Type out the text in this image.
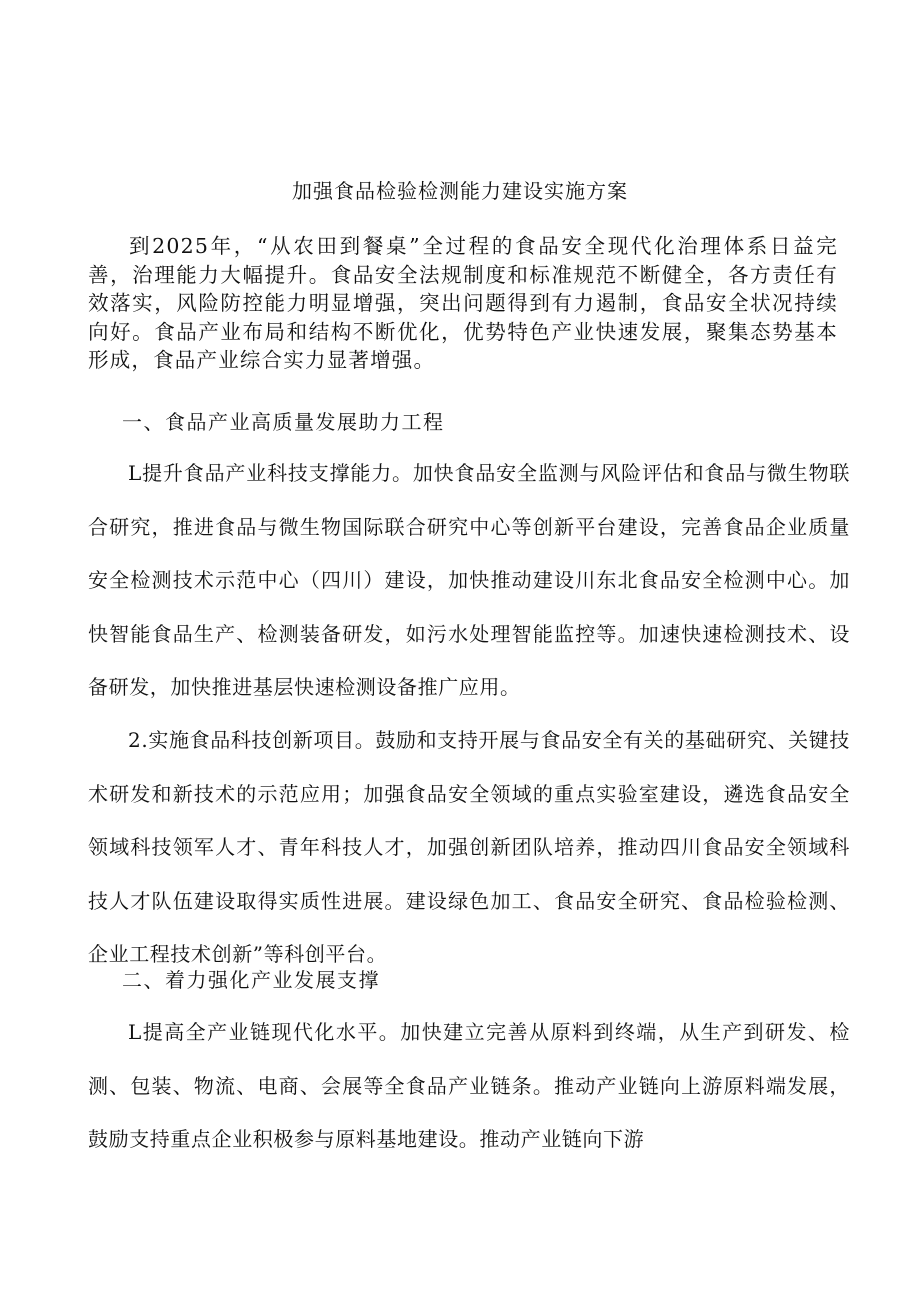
加强食品检验检测能力建设实施方案

到2025年，“从农田到餐桌”全过程的食品安全现代化治理体系日益完善，治理能力大幅提升。食品安全法规制度和标准规范不断健全，各方责任有效落实，风险防控能力明显增强，突出问题得到有力遏制，食品安全状况持续向好。食品产业布局和结构不断优化，优势特色产业快速发展，聚集态势基本形成，食品产业综合实力显著增强。

一、食品产业高质量发展助力工程

L提升食品产业科技支撑能力。加快食品安全监测与风险评估和食品与微生物联合研究，推进食品与微生物国际联合研究中心等创新平台建设，完善食品企业质量安全检测技术示范中心（四川）建设，加快推动建设川东北食品安全检测中心。加快智能食品生产、检测装备研发，如污水处理智能监控等。加速快速检测技术、设备研发，加快推进基层快速检测设备推广应用。

2.实施食品科技创新项目。鼓励和支持开展与食品安全有关的基础研究、关键技术研发和新技术的示范应用；加强食品安全领域的重点实验室建设，遴选食品安全领域科技领军人才、青年科技人才，加强创新团队培养，推动四川食品安全领域科技人才队伍建设取得实质性进展。建设绿色加工、食品安全研究、食品检验检测、企业工程技术创新”等科创平台。

二、着力强化产业发展支撑

L提高全产业链现代化水平。加快建立完善从原料到终端，从生产到研发、检测、包装、物流、电商、会展等全食品产业链条。推动产业链向上游原料端发展，鼓励支持重点企业积极参与原料基地建设。推动产业链向下游
